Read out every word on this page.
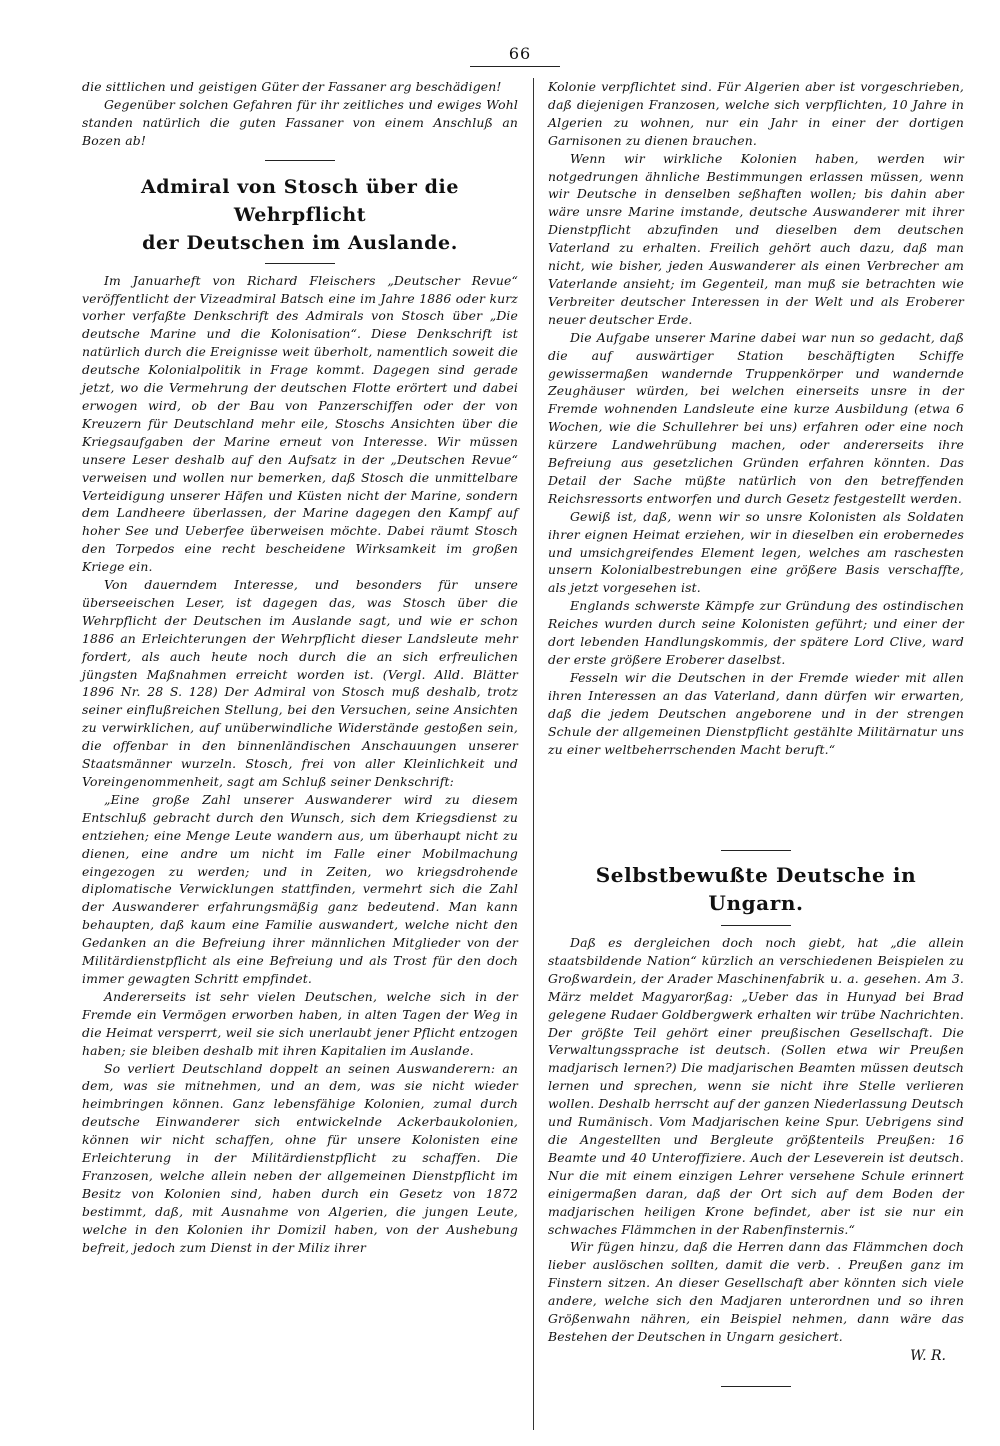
66

die sittlichen und geistigen Güter der Fassaner arg beschädigen!

Gegenüber solchen Gefahren für ihr zeitliches und ewiges Wohl standen natürlich die guten Fassaner von einem Anschluß an Bozen ab!

Admiral von Stosch über die Wehrpflicht
der Deutschen im Auslande.

Im Januarheft von Richard Fleischers „Deutscher Revue“ veröffentlicht der Vizeadmiral Batsch eine im Jahre 1886 oder kurz vorher verfaßte Denkschrift des Admirals von Stosch über „Die deutsche Marine und die Kolonisation“. Diese Denkschrift ist natürlich durch die Ereignisse weit überholt, namentlich soweit die deutsche Kolonialpolitik in Frage kommt. Dagegen sind gerade jetzt, wo die Vermehrung der deutschen Flotte erörtert und dabei erwogen wird, ob der Bau von Panzerschiffen oder der von Kreuzern für Deutschland mehr eile, Stoschs Ansichten über die Kriegsaufgaben der Marine erneut von Interesse. Wir müssen unsere Leser deshalb auf den Aufsatz in der „Deutschen Revue“ verweisen und wollen nur bemerken, daß Stosch die unmittelbare Verteidigung unserer Häfen und Küsten nicht der Marine, sondern dem Landheere überlassen, der Marine dagegen den Kampf auf hoher See und Ueberfee überweisen möchte. Dabei räumt Stosch den Torpedos eine recht bescheidene Wirksamkeit im großen Kriege ein.

Von dauerndem Interesse, und besonders für unsere überseeischen Leser, ist dagegen das, was Stosch über die Wehrpflicht der Deutschen im Auslande sagt, und wie er schon 1886 an Erleichterungen der Wehrpflicht dieser Landsleute mehr fordert, als auch heute noch durch die an sich erfreulichen jüngsten Maßnahmen erreicht worden ist. (Vergl. Alld. Blätter 1896 Nr. 28 S. 128) Der Admiral von Stosch muß deshalb, trotz seiner einflußreichen Stellung, bei den Versuchen, seine Ansichten zu verwirklichen, auf unüberwindliche Widerstände gestoßen sein, die offenbar in den binnenländischen Anschauungen unserer Staatsmänner wurzeln. Stosch, frei von aller Kleinlichkeit und Voreingenommenheit, sagt am Schluß seiner Denkschrift:

„Eine große Zahl unserer Auswanderer wird zu diesem Entschluß gebracht durch den Wunsch, sich dem Kriegsdienst zu entziehen; eine Menge Leute wandern aus, um überhaupt nicht zu dienen, eine andre um nicht im Falle einer Mobilmachung eingezogen zu werden; und in Zeiten, wo kriegsdrohende diplomatische Verwicklungen stattfinden, vermehrt sich die Zahl der Auswanderer erfahrungsmäßig ganz bedeutend. Man kann behaupten, daß kaum eine Familie auswandert, welche nicht den Gedanken an die Befreiung ihrer männlichen Mitglieder von der Militärdienstpflicht als eine Befreiung und als Trost für den doch immer gewagten Schritt empfindet.

Andererseits ist sehr vielen Deutschen, welche sich in der Fremde ein Vermögen erworben haben, in alten Tagen der Weg in die Heimat versperrt, weil sie sich unerlaubt jener Pflicht entzogen haben; sie bleiben deshalb mit ihren Kapitalien im Auslande.

So verliert Deutschland doppelt an seinen Auswanderern: an dem, was sie mitnehmen, und an dem, was sie nicht wieder heimbringen können. Ganz lebensfähige Kolonien, zumal durch deutsche Einwanderer sich entwickelnde Ackerbaukolonien, können wir nicht schaffen, ohne für unsere Kolonisten eine Erleichterung in der Militärdienstpflicht zu schaffen. Die Franzosen, welche allein neben der allgemeinen Dienstpflicht im Besitz von Kolonien sind, haben durch ein Gesetz von 1872 bestimmt, daß, mit Ausnahme von Algerien, die jungen Leute, welche in den Kolonien ihr Domizil haben, von der Aushebung befreit, jedoch zum Dienst in der Miliz ihrer

Kolonie verpflichtet sind. Für Algerien aber ist vorgeschrieben, daß diejenigen Franzosen, welche sich verpflichten, 10 Jahre in Algerien zu wohnen, nur ein Jahr in einer der dortigen Garnisonen zu dienen brauchen.

Wenn wir wirkliche Kolonien haben, werden wir notgedrungen ähnliche Bestimmungen erlassen müssen, wenn wir Deutsche in denselben seßhaften wollen; bis dahin aber wäre unsre Marine imstande, deutsche Auswanderer mit ihrer Dienstpflicht abzufinden und dieselben dem deutschen Vaterland zu erhalten. Freilich gehört auch dazu, daß man nicht, wie bisher, jeden Auswanderer als einen Verbrecher am Vaterlande ansieht; im Gegenteil, man muß sie betrachten wie Verbreiter deutscher Interessen in der Welt und als Eroberer neuer deutscher Erde.

Die Aufgabe unserer Marine dabei war nun so gedacht, daß die auf auswärtiger Station beschäftigten Schiffe gewissermaßen wandernde Truppenkörper und wandernde Zeughäuser würden, bei welchen einerseits unsre in der Fremde wohnenden Landsleute eine kurze Ausbildung (etwa 6 Wochen, wie die Schullehrer bei uns) erfahren oder eine noch kürzere Landwehrübung machen, oder andererseits ihre Befreiung aus gesetzlichen Gründen erfahren könnten. Das Detail der Sache müßte natürlich von den betreffenden Reichsressorts entworfen und durch Gesetz festgestellt werden.

Gewiß ist, daß, wenn wir so unsre Kolonisten als Soldaten ihrer eignen Heimat erziehen, wir in dieselben ein erobernedes und umsichgreifendes Element legen, welches am raschesten unsern Kolonialbestrebungen eine größere Basis verschaffte, als jetzt vorgesehen ist.

Englands schwerste Kämpfe zur Gründung des ostindischen Reiches wurden durch seine Kolonisten geführt; und einer der dort lebenden Handlungskommis, der spätere Lord Clive, ward der erste größere Eroberer daselbst.

Fesseln wir die Deutschen in der Fremde wieder mit allen ihren Interessen an das Vaterland, dann dürfen wir erwarten, daß die jedem Deutschen angeborene und in der strengen Schule der allgemeinen Dienstpflicht gestählte Militärnatur uns zu einer weltbeherrschenden Macht beruft.“

Selbstbewußte Deutsche in Ungarn.

Daß es dergleichen doch noch giebt, hat „die allein staatsbildende Nation“ kürzlich an verschiedenen Beispielen zu Großwardein, der Arader Maschinenfabrik u. a. gesehen. Am 3. März meldet Magyarorßag: „Ueber das in Hunyad bei Brad gelegene Rudaer Goldbergwerk erhalten wir trübe Nachrichten. Der größte Teil gehört einer preußischen Gesellschaft. Die Verwaltungssprache ist deutsch. (Sollen etwa wir Preußen madjarisch lernen?) Die madjarischen Beamten müssen deutsch lernen und sprechen, wenn sie nicht ihre Stelle verlieren wollen. Deshalb herrscht auf der ganzen Niederlassung Deutsch und Rumänisch. Vom Madjarischen keine Spur. Uebrigens sind die Angestellten und Bergleute größtenteils Preußen: 16 Beamte und 40 Unteroffiziere. Auch der Leseverein ist deutsch. Nur die mit einem einzigen Lehrer versehene Schule erinnert einigermaßen daran, daß der Ort sich auf dem Boden der madjarischen heiligen Krone befindet, aber ist sie nur ein schwaches Flämmchen in der Rabenfinsternis.“

Wir fügen hinzu, daß die Herren dann das Flämmchen doch lieber auslöschen sollten, damit die verb. . Preußen ganz im Finstern sitzen. An dieser Gesellschaft aber könnten sich viele andere, welche sich den Madjaren unterordnen und so ihren Größenwahn nähren, ein Beispiel nehmen, dann wäre das Bestehen der Deutschen in Ungarn gesichert.

W. R.
